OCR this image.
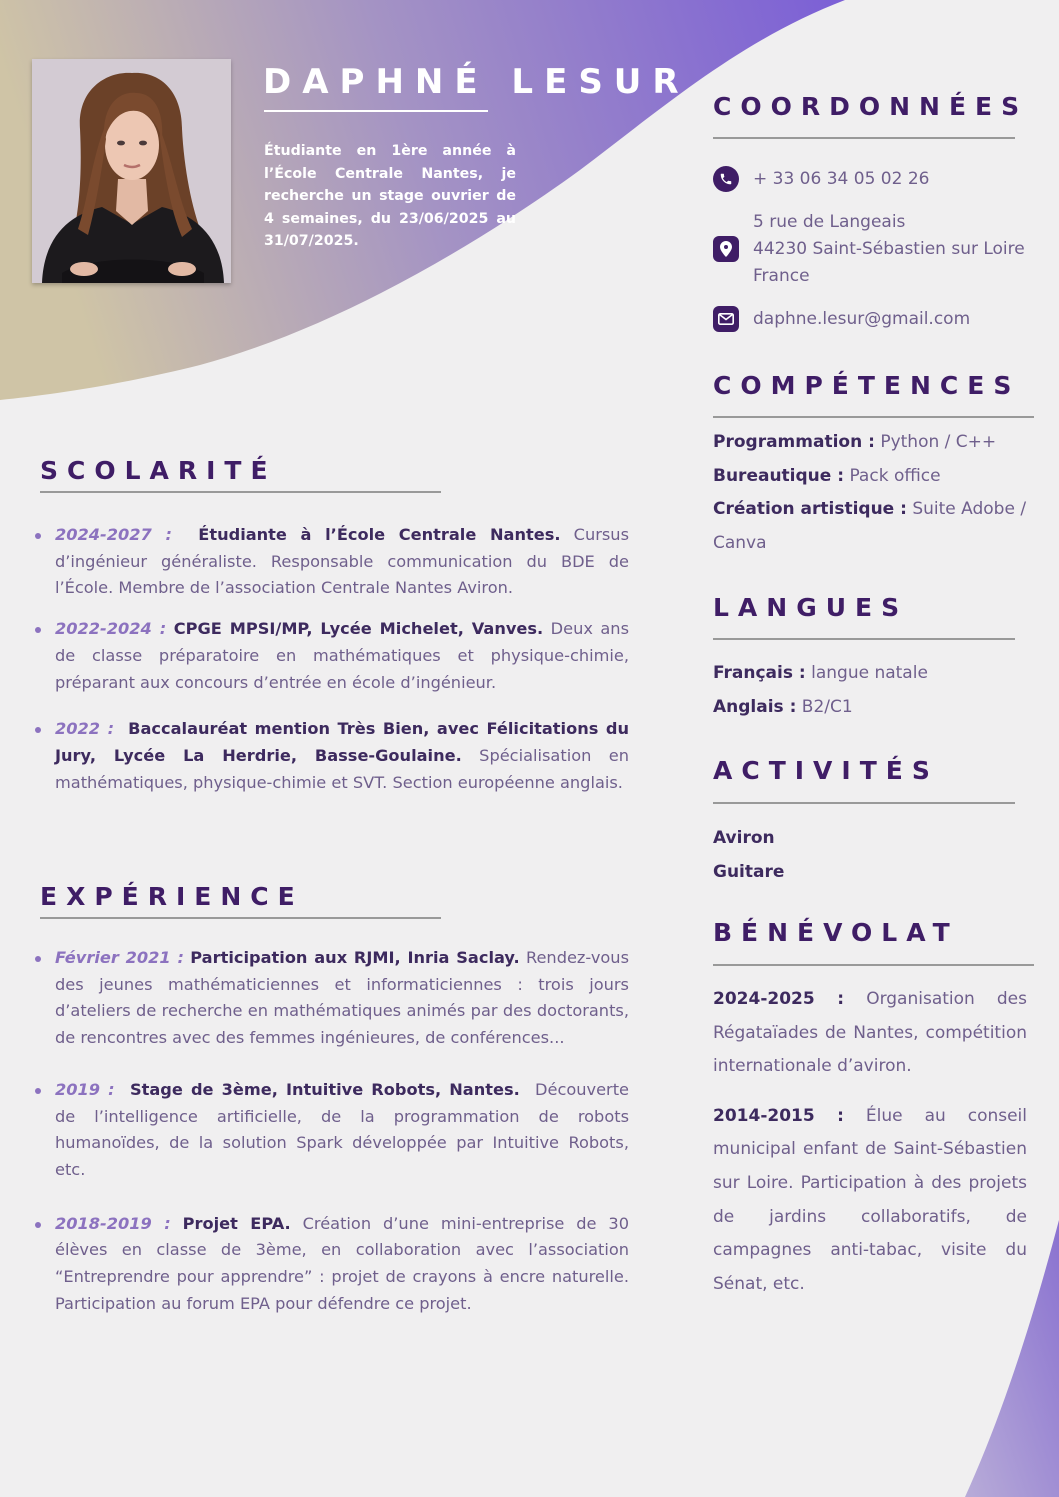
DAPHNÉ LESUR

Étudiante en 1ère année à l’École Centrale Nantes, je recherche un stage ouvrier de 4 semaines, du 23/06/2025 au 31/07/2025.

SCOLARITÉ
2024-2027 : Étudiante à l’École Centrale Nantes. Cursus d’ingénieur généraliste. Responsable communication du BDE de l’École. Membre de l’association Centrale Nantes Aviron.
2022-2024 : CPGE MPSI/MP, Lycée Michelet, Vanves. Deux ans de classe préparatoire en mathématiques et physique-chimie, préparant aux concours d’entrée en école d’ingénieur.
2022 : Baccalauréat mention Très Bien, avec Félicitations du Jury, Lycée La Herdrie, Basse-Goulaine. Spécialisation en mathématiques, physique-chimie et SVT. Section européenne anglais.
EXPÉRIENCE
Février 2021 : Participation aux RJMI, Inria Saclay. Rendez-vous des jeunes mathématiciennes et informaticiennes : trois jours d’ateliers de recherche en mathématiques animés par des doctorants, de rencontres avec des femmes ingénieures, de conférences...
2019 : Stage de 3ème, Intuitive Robots, Nantes. Découverte de l’intelligence artificielle, de la programmation de robots humanoïdes, de la solution Spark développée par Intuitive Robots, etc.
2018-2019 : Projet EPA. Création d’une mini-entreprise de 30 élèves en classe de 3ème, en collaboration avec l’association “Entreprendre pour apprendre” : projet de crayons à encre naturelle. Participation au forum EPA pour défendre ce projet.
COORDONNÉES
+ 33 06 34 05 02 26
5 rue de Langeais
44230 Saint-Sébastien sur Loire
France
daphne.lesur@gmail.com
COMPÉTENCES

Programmation : Python / C++

Bureautique : Pack office

Création artistique : Suite Adobe / Canva

LANGUES

Français : langue natale

Anglais : B2/C1

ACTIVITÉS

Aviron

Guitare

BÉNÉVOLAT

2024-2025 : Organisation des Régataïades de Nantes, compétition internationale d’aviron.

2014-2015 : Élue au conseil municipal enfant de Saint-Sébastien sur Loire. Participation à des projets de jardins collaboratifs, de campagnes anti-tabac, visite du Sénat, etc.
